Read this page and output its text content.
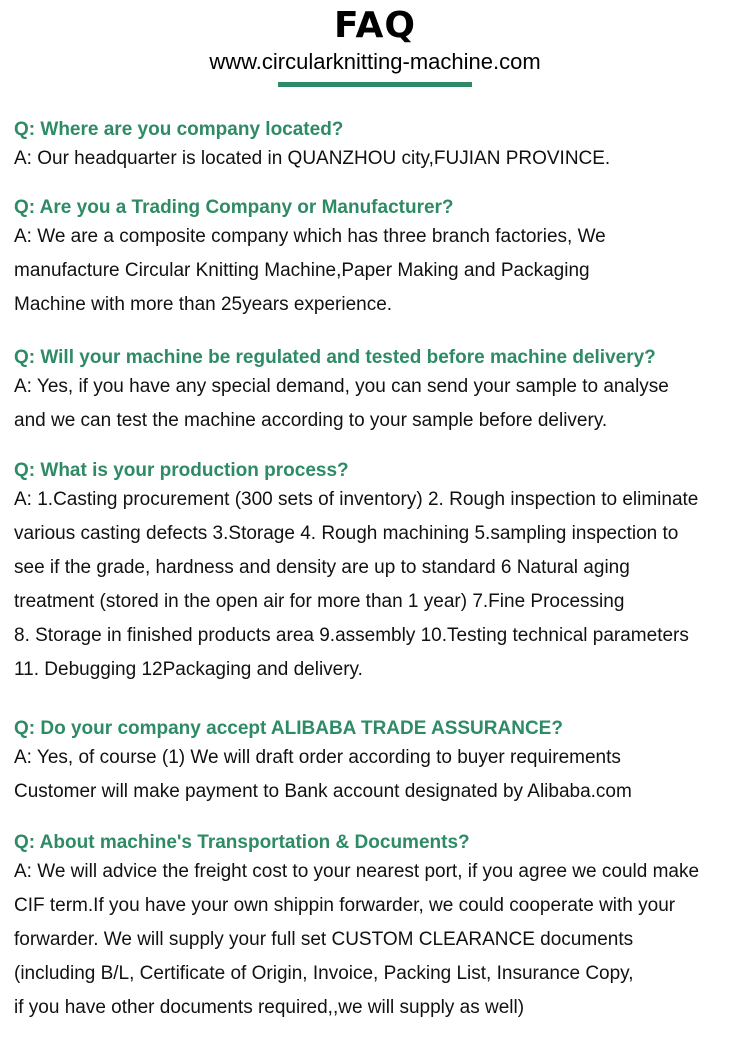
FAQ
www.circularknitting-machine.com

Q: Where are you company located?

A: Our headquarter is located in QUANZHOU city,FUJIAN PROVINCE.

Q: Are you a Trading Company or Manufacturer?

A: We are a composite company which has three branch factories, We

manufacture Circular Knitting Machine,Paper Making and Packaging

Machine with more than 25years experience.

Q: Will your machine be regulated and tested before machine delivery?

A: Yes, if you have any special demand, you can send your sample to analyse

and we can test the machine according to your sample before delivery.

Q: What is your production process?

A: 1.Casting procurement (300 sets of inventory) 2. Rough inspection to eliminate

various casting defects 3.Storage 4. Rough machining 5.sampling inspection to

see if the grade, hardness and density are up to standard 6 Natural aging

treatment (stored in the open air for more than 1 year) 7.Fine Processing

8. Storage in finished products area 9.assembly 10.Testing technical parameters

11. Debugging 12Packaging and delivery.

Q: Do your company accept ALIBABA TRADE ASSURANCE?

A: Yes, of course (1) We will draft order according to buyer requirements

Customer will make payment to Bank account designated by Alibaba.com

Q: About machine's Transportation & Documents?

A: We will advice the freight cost to your nearest port, if you agree we could make

CIF term.If you have your own shippin forwarder, we could cooperate with your

forwarder. We will supply your full set CUSTOM CLEARANCE documents

(including B/L, Certificate of Origin, Invoice, Packing List, Insurance Copy,

if you have other documents required,,we will supply as well)
